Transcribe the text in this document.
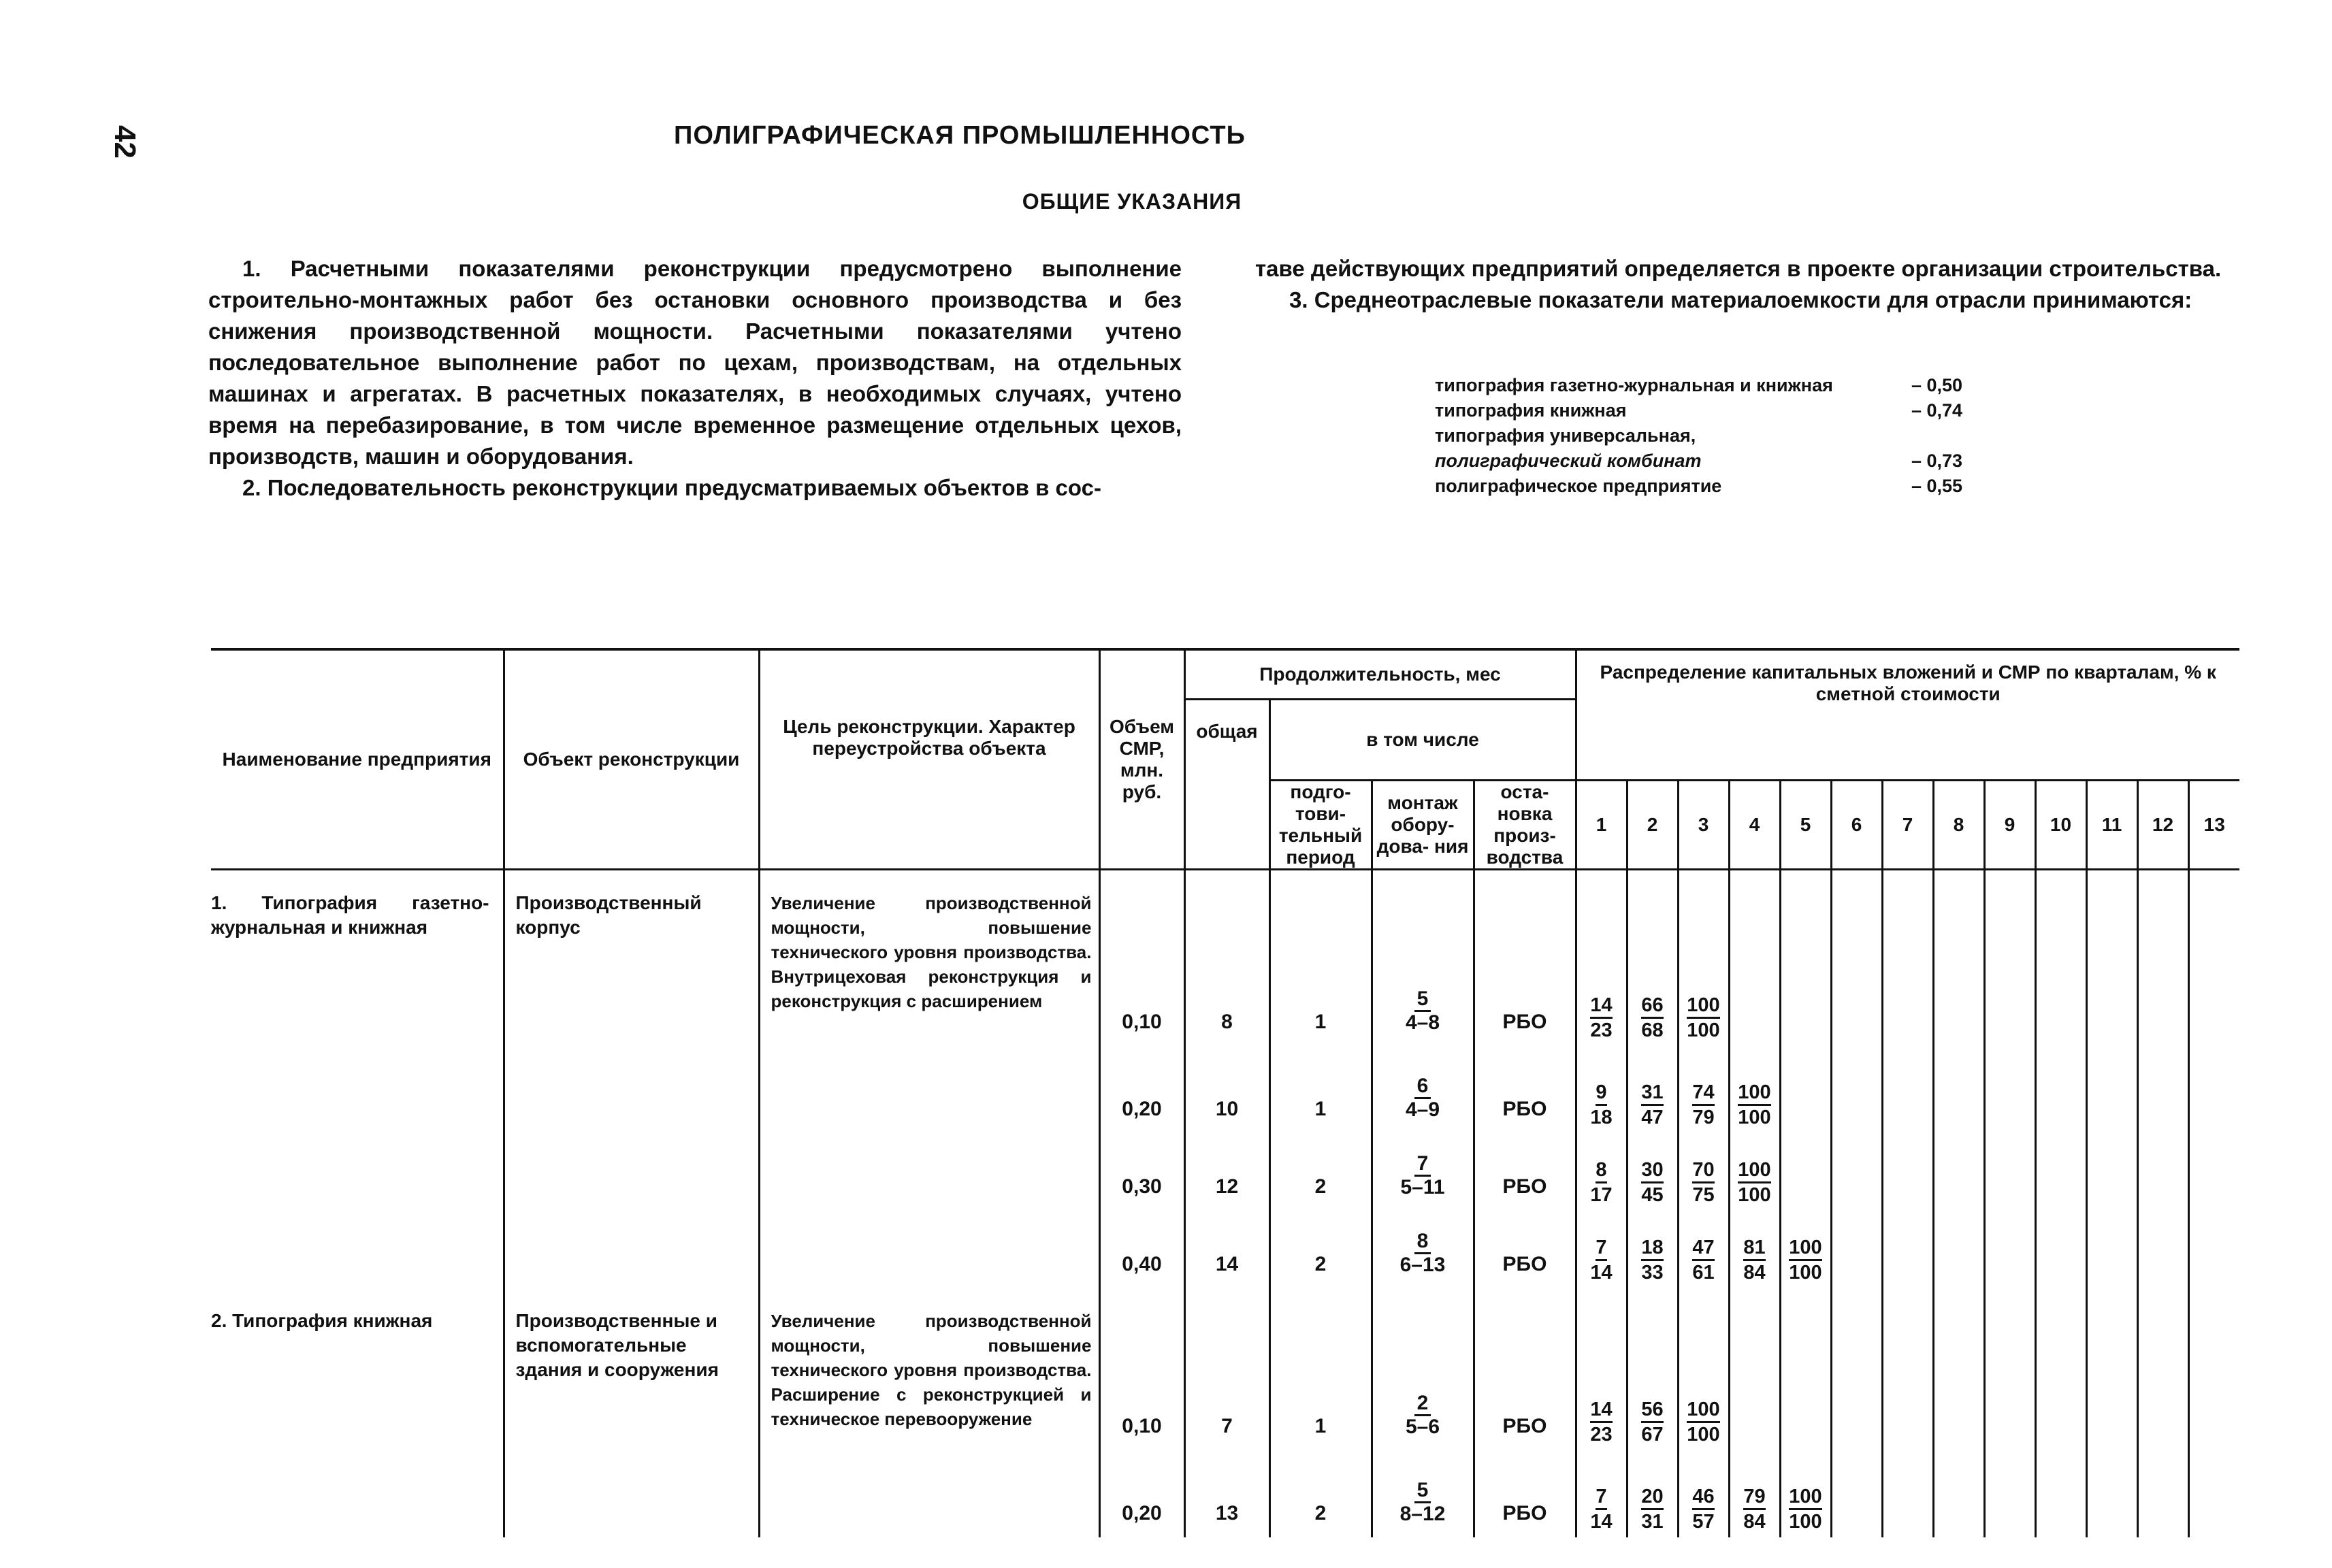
42	ПОЛИГРАФИЧЕСКАЯ ПРОМЫШЛЕННОСТЬ
ОБЩИЕ УКАЗАНИЯ

1. Расчетными показателями реконструкции предусмотрено выполнение строительно-монтажных работ без остановки основного производства и без снижения производственной мощности. Расчетными показателями учтено последовательное выполнение работ по цехам, производствам, на отдельных машинах и агрегатах. В расчетных показателях, в необходимых случаях, учтено время на перебазирование, в том числе временное размещение отдельных цехов, производств, машин и оборудования.

2. Последовательность реконструкции предусматриваемых объектов в сос-

таве действующих предприятий определяется в проекте организации строительства.

3. Среднеотраслевые показатели материалоемкости для отрасли принимаются:

типография газетно-журнальная и книжная	– 0,50
типография книжная	– 0,74
типография универсальная,
полиграфический комбинат	– 0,73
полиграфическое предприятие	– 0,55
Наименование предприятия	Объект реконструкции	Цель реконструкции. Характер переустройства объекта	Объем СМР, млн. руб.	Продолжительность, мес				Распределение капитальных вложений и СМР по кварталам, % к сметной стоимости												
				общая	в том числе															
					подго- тови- тельный период	монтаж обору- дова- ния	оста- новка произ- водства	1	2	3	4	5	6	7	8	9	10	11	12	13
1. Типография газетно-журнальная и книжная	Производственный корпус	Увеличение производственной мощности, повышение технического уровня производства. Внутрицеховая реконструкция и реконструкция с расширением	0,10	8	1	$\frac{5}{4-8}$	РБО	$\frac{14}{23}$	$\frac{66}{68}$	$\frac{100}{100}$

			0,20	10	1	$\frac{6}{4-9}$	РБО	$\frac{9}{18}$	$\frac{31}{47}$	$\frac{74}{79}$	$\frac{100}{100}$

			0,30	12	2	$\frac{7}{5-11}$	РБО	$\frac{8}{17}$	$\frac{30}{45}$	$\frac{70}{75}$	$\frac{100}{100}$

			0,40	14	2	$\frac{8}{6-13}$	РБО	$\frac{7}{14}$	$\frac{18}{33}$	$\frac{47}{61}$	$\frac{81}{84}$	$\frac{100}{100}$

2. Типография книжная	Производственные и вспомогательные здания и сооружения	Увеличение производственной мощности, повышение технического уровня производства. Расширение с реконструкцией и техническое перевооружение	0,10	7	1	$\frac{2}{5-6}$	РБО	$\frac{14}{23}$	$\frac{56}{67}$	$\frac{100}{100}$

			0,20	13	2	$\frac{5}{8-12}$	РБО	$\frac{7}{14}$	$\frac{20}{31}$	$\frac{46}{57}$	$\frac{79}{84}$	$\frac{100}{100}$
